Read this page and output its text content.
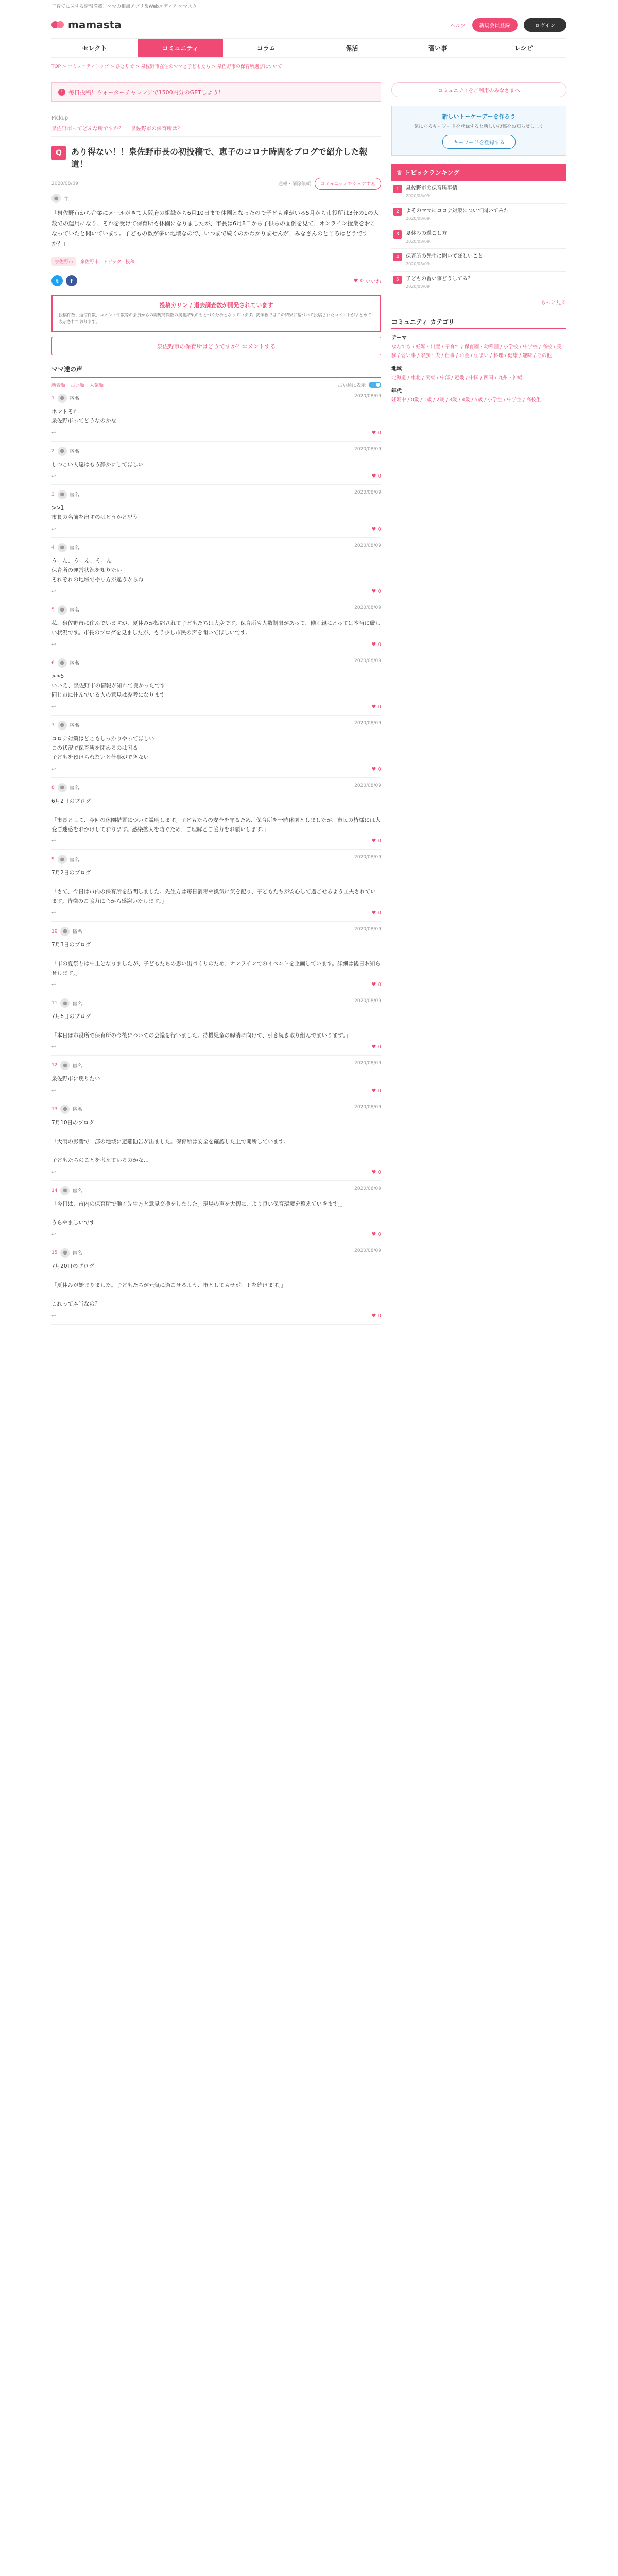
子育てに関する情報満載！ママの相談アプリ＆Webメディア ママスタ
mamasta	ヘルプ	新規会員登録	ログイン
セレクト	コミュニティ	コラム	保活	習い事	レシピ
TOP > コミュニティトップ > ひとりで > 泉佐野市在住のママと子どもたち > 泉佐野市の保育所選びについて
!	毎日投稿！ウォーターチャレンジで1500円分のGETしよう！
Pickup
泉佐野市ってどんな所ですか？ 泉佐野市の保育所は？
Q	あり得ない！！泉佐野市長の初投稿で、恵子のコロナ時間をブログで紹介した報道！
2020/08/09	通報・削除依頼	コミュニティでシェアする
●	主
「泉佐野市から企業にメールがきて大阪府の組織から6月10日まで休園となったので子ども達がいる5月から市役所は3分の1の人数での運用になり、それを受けて保育所も休園になりましたが、市長は6月8日から子供らの面倒を見て、オンライン授業をおこなっていたと聞いています。子どもの数が多い地域なので、いつまで続くのかわかりませんが、みなさんのところはどうですか？」
泉佐野市	泉佐野市 トピック 投稿
t	f	♥ 0 いいね
投稿カリン / 退去調査数が開発されています
投稿件数、返信件数、コメント件数等の会員からの閲覧時間数の実測結果のもとづく分析となっています。掲示板ではこの結果に基づいて投稿されたコメントがまとめて表示されております。
泉佐野市の保育所はどうですか？コメントする
ママ達の声
新着順 古い順 人気順	古い順に表示
1	●	匿名
2020/08/09
ホントそれ
泉佐野市ってどうなのかな
↩	♥ 0
2	●	匿名
2020/08/09
しつこい人達はもう静かにしてほしい
↩	♥ 0
3	●	匿名
2020/08/09
>>1
市長の名前を出すのはどうかと思う
↩	♥ 0
4	●	匿名
2020/08/09
うーん、うーん、うーん
保育所の運営状況を知りたい
それぞれの地域でやり方が違うからね
↩	♥ 0
5	●	匿名
2020/08/09
私、泉佐野市に住んでいますが、夏休みが短縮されて子どもたちは大変です。保育所も人数制限があって、働く親にとっては本当に厳しい状況です。市長のブログを見ましたが、もう少し市民の声を聞いてほしいです。
↩	♥ 0
6	●	匿名
2020/08/09
>>5
いいえ、泉佐野市の情報が知れて良かったです
同じ市に住んでいる人の意見は参考になります
↩	♥ 0
7	●	匿名
2020/08/09
コロナ対策はどこもしっかりやってほしい
この状況で保育所を閉めるのは困る
子どもを預けられないと仕事ができない
↩	♥ 0
8	●	匿名
2020/08/09
6月2日のブログ

「市長として、今回の休園措置について説明します。子どもたちの安全を守るため、保育所を一時休園としましたが、市民の皆様には大変ご迷惑をおかけしております。感染拡大を防ぐため、ご理解とご協力をお願いします。」
↩	♥ 0
9	●	匿名
2020/08/09
7月2日のブログ

「さて、今日は市内の保育所を訪問しました。先生方は毎日消毒や換気に気を配り、子どもたちが安心して過ごせるよう工夫されています。皆様のご協力に心から感謝いたします。」
↩	♥ 0
10	●	匿名
2020/08/09
7月3日のブログ

「市の夏祭りは中止となりましたが、子どもたちの思い出づくりのため、オンラインでのイベントを企画しています。詳細は後日お知らせします。」
↩	♥ 0
11	●	匿名
2020/08/09
7月6日のブログ

「本日は市役所で保育所の今後についての会議を行いました。待機児童の解消に向けて、引き続き取り組んでまいります。」
↩	♥ 0
12	●	匿名
2020/08/09
泉佐野市に戻りたい
↩	♥ 0
13	●	匿名
2020/08/09
7月10日のブログ

「大雨の影響で一部の地域に避難勧告が出ました。保育所は安全を確認した上で開所しています。」

子どもたちのことを考えているのかな…
↩	♥ 0
14	●	匿名
2020/08/09
「今日は、市内の保育所で働く先生方と意見交換をしました。現場の声を大切に、より良い保育環境を整えていきます。」

うらやましいです
↩	♥ 0
15	●	匿名
2020/08/09
7月20日のブログ

「夏休みが始まりました。子どもたちが元気に過ごせるよう、市としてもサポートを続けます。」

これって本当なの？
↩	♥ 0
コミュニティをご利用のみなさまへ
新しいトーケーデーを作ろう
気になるキーワードを登録すると新しい投稿をお知らせします
キーワードを登録する
♛ トピックランキング
1	泉佐野市の保育所事情
2020/08/09
2	よそのママにコロナ対策について聞いてみた
2020/08/09
3	夏休みの過ごし方
2020/08/09
4	保育所の先生に聞いてほしいこと
2020/08/09
5	子どもの習い事どうしてる？
2020/08/09
もっと見る
コミュニティ カテゴリ
テーマ
なんでも / 妊娠・出産 / 子育て / 保育園・幼稚園 / 小学校 / 中学校 / 高校 / 受験 / 習い事 / 家族・夫 / 仕事 / お金 / 住まい / 料理 / 健康 / 趣味 / その他
地域
北海道 / 東北 / 関東 / 中部 / 近畿 / 中国 / 四国 / 九州・沖縄
年代
妊娠中 / 0歳 / 1歳 / 2歳 / 3歳 / 4歳 / 5歳 / 小学生 / 中学生 / 高校生
